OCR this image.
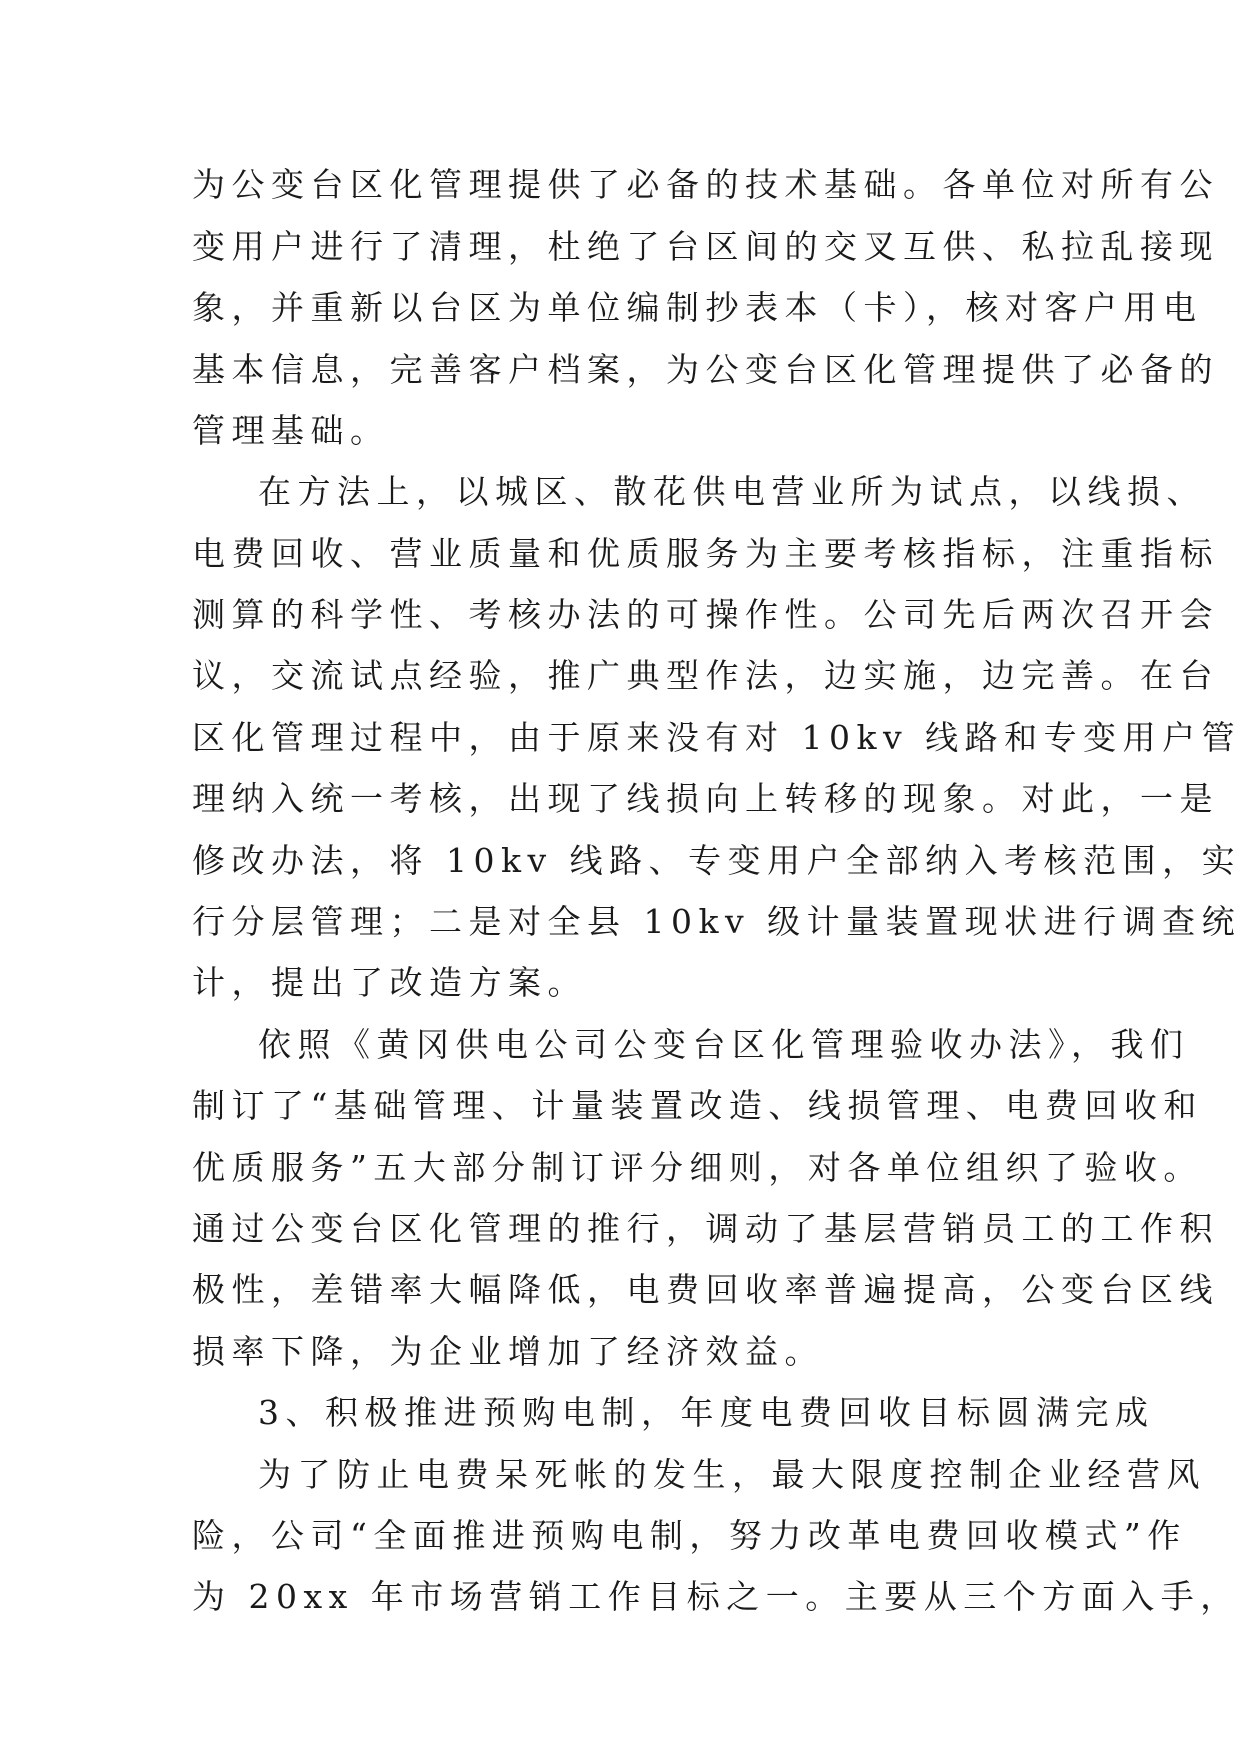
为公变台区化管理提供了必备的技术基础。各单位对所有公
变用户进行了清理，杜绝了台区间的交叉互供、私拉乱接现
象，并重新以台区为单位编制抄表本（卡），核对客户用电
基本信息，完善客户档案，为公变台区化管理提供了必备的
管理基础。
在方法上，以城区、散花供电营业所为试点，以线损、
电费回收、营业质量和优质服务为主要考核指标，注重指标
测算的科学性、考核办法的可操作性。公司先后两次召开会
议，交流试点经验，推广典型作法，边实施，边完善。在台
区化管理过程中，由于原来没有对 10kv 线路和专变用户管
理纳入统一考核，出现了线损向上转移的现象。对此，一是
修改办法，将 10kv 线路、专变用户全部纳入考核范围，实
行分层管理；二是对全县 10kv 级计量装置现状进行调查统
计，提出了改造方案。
依照《黄冈供电公司公变台区化管理验收办法》，我们
制订了“基础管理、计量装置改造、线损管理、电费回收和
优质服务”五大部分制订评分细则，对各单位组织了验收。
通过公变台区化管理的推行，调动了基层营销员工的工作积
极性，差错率大幅降低，电费回收率普遍提高，公变台区线
损率下降，为企业增加了经济效益。
3、积极推进预购电制，年度电费回收目标圆满完成
为了防止电费呆死帐的发生，最大限度控制企业经营风
险，公司“全面推进预购电制，努力改革电费回收模式”作
为 20xx 年市场营销工作目标之一。主要从三个方面入手，
